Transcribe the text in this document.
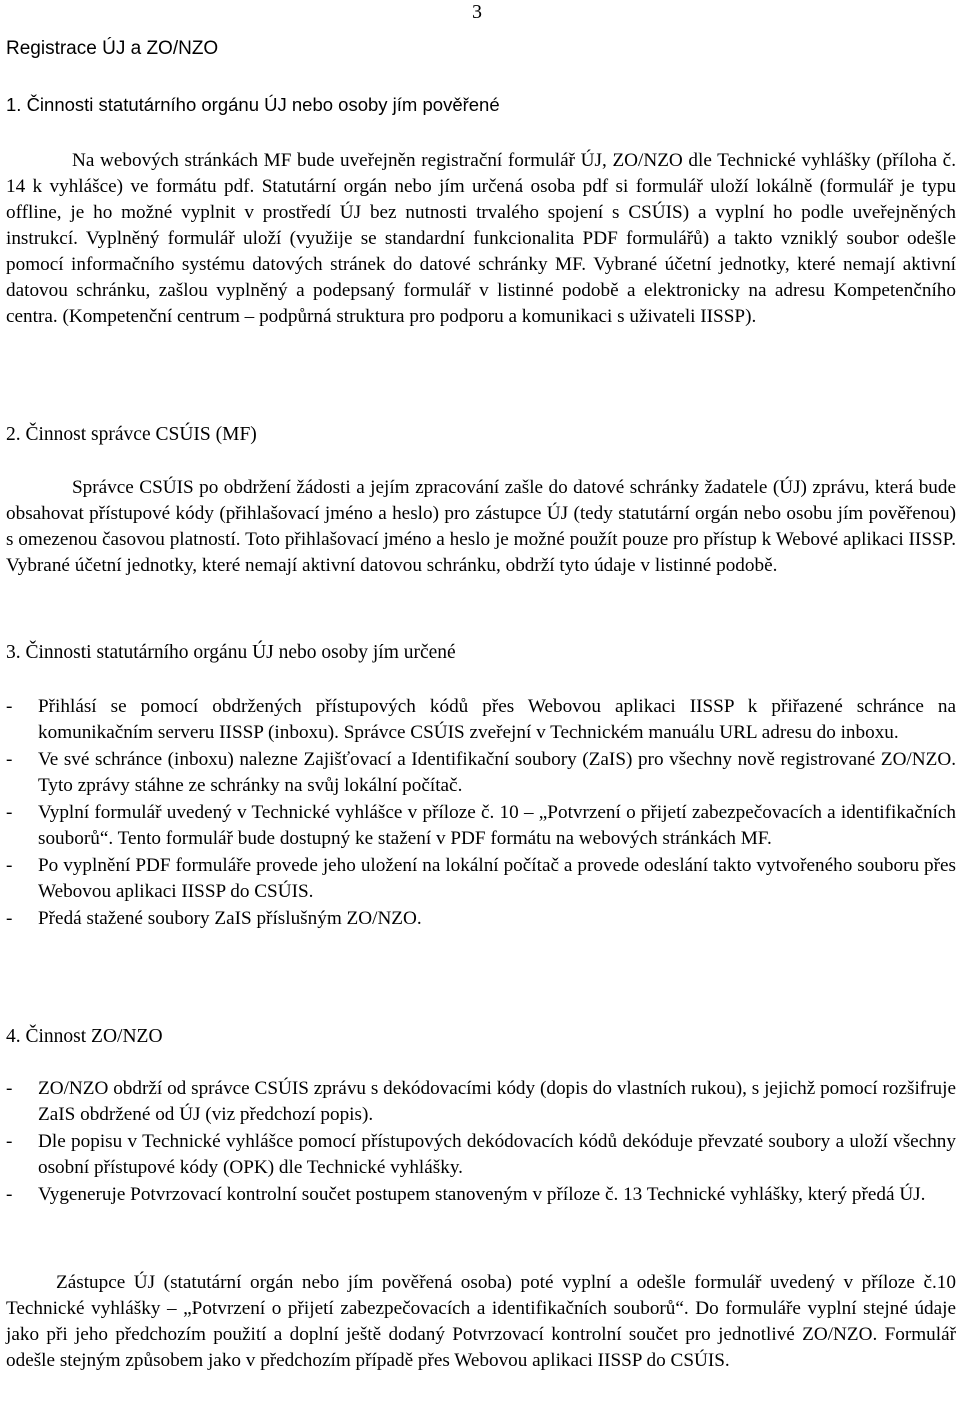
3
Registrace ÚJ a ZO/NZO
1. Činnosti statutárního orgánu ÚJ nebo osoby jím pověřené

Na webových stránkách MF bude uveřejněn registrační formulář ÚJ, ZO/NZO dle Technické vyhlášky (příloha č. 14 k vyhlášce) ve formátu pdf. Statutární orgán nebo jím určená osoba pdf si formulář uloží lokálně (formulář je typu offline, je ho možné vyplnit v prostředí ÚJ bez nutnosti trvalého spojení s CSÚIS) a vyplní ho podle uveřejněných instrukcí. Vyplněný formulář uloží (využije se standardní funkcionalita PDF formulářů) a takto vzniklý soubor odešle pomocí informačního systému datových stránek do datové schránky MF. Vybrané účetní jednotky, které nemají aktivní datovou schránku, zašlou vyplněný a podepsaný formulář v listinné podobě a elektronicky na adresu Kompetenčního centra. (Kompetenční centrum – podpůrná struktura pro podporu a komunikaci s uživateli IISSP).

2. Činnost správce CSÚIS (MF)

Správce CSÚIS po obdržení žádosti a jejím zpracování zašle do datové schránky žadatele (ÚJ) zprávu, která bude obsahovat přístupové kódy (přihlašovací jméno a heslo) pro zástupce ÚJ (tedy statutární orgán nebo osobu jím pověřenou) s omezenou časovou platností. Toto přihlašovací jméno a heslo je možné použít pouze pro přístup k Webové aplikaci IISSP. Vybrané účetní jednotky, které nemají aktivní datovou schránku, obdrží tyto údaje v listinné podobě.

3. Činnosti statutárního orgánu ÚJ nebo osoby jím určené
- Přihlásí se pomocí obdržených přístupových kódů přes Webovou aplikaci IISSP k přiřazené schránce na komunikačním serveru IISSP (inboxu). Správce CSÚIS zveřejní v Technickém manuálu URL adresu do inboxu.
- Ve své schránce (inboxu) nalezne Zajišťovací a Identifikační soubory (ZaIS) pro všechny nově registrované ZO/NZO. Tyto zprávy stáhne ze schránky na svůj lokální počítač.
- Vyplní formulář uvedený v Technické vyhlášce v příloze č. 10 – „Potvrzení o přijetí zabezpečovacích a identifikačních souborů“. Tento formulář bude dostupný ke stažení v PDF formátu na webových stránkách MF.
- Po vyplnění PDF formuláře provede jeho uložení na lokální počítač a provede odeslání takto vytvořeného souboru přes Webovou aplikaci IISSP do CSÚIS.
- Předá stažené soubory ZaIS příslušným ZO/NZO.
4. Činnost ZO/NZO
- ZO/NZO obdrží od správce CSÚIS zprávu s dekódovacími kódy (dopis do vlastních rukou), s jejichž pomocí rozšifruje ZaIS obdržené od ÚJ (viz předchozí popis).
- Dle popisu v Technické vyhlášce pomocí přístupových dekódovacích kódů dekóduje převzaté soubory a uloží všechny osobní přístupové kódy (OPK) dle Technické vyhlášky.
- Vygeneruje Potvrzovací kontrolní součet postupem stanoveným v příloze č. 13 Technické vyhlášky, který předá ÚJ.

Zástupce ÚJ (statutární orgán nebo jím pověřená osoba) poté vyplní a odešle formulář uvedený v příloze č.10 Technické vyhlášky – „Potvrzení o přijetí zabezpečovacích a identifikačních souborů“. Do formuláře vyplní stejné údaje jako při jeho předchozím použití a doplní ještě dodaný Potvrzovací kontrolní součet pro jednotlivé ZO/NZO. Formulář odešle stejným způsobem jako v předchozím případě přes Webovou aplikaci IISSP do CSÚIS.
